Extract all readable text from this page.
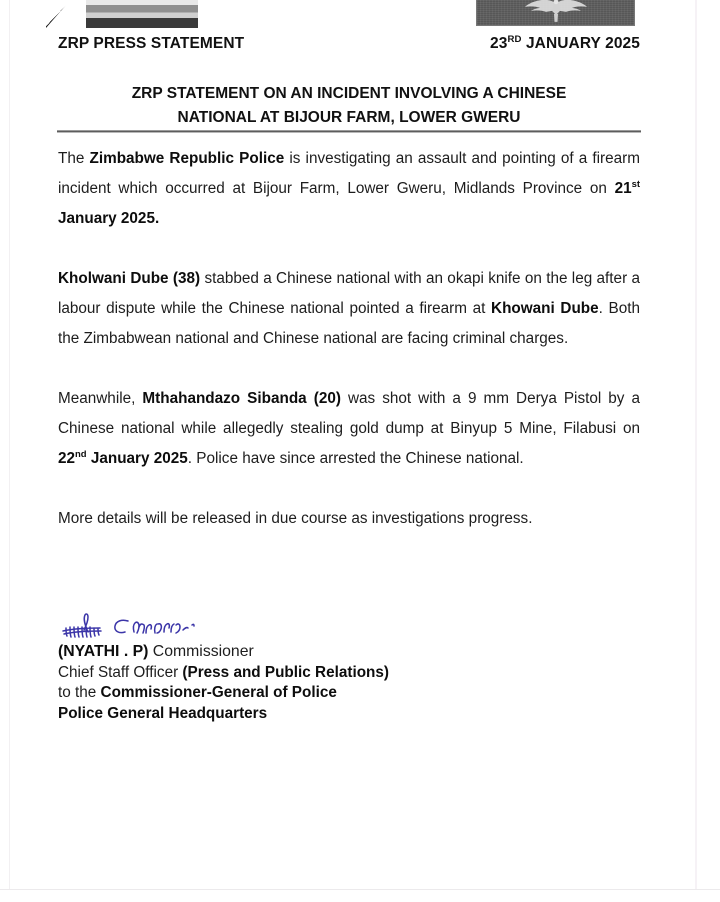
ZRP PRESS STATEMENT	23RD JANUARY 2025
ZRP STATEMENT ON AN INCIDENT INVOLVING A CHINESE
NATIONAL AT BIJOUR FARM, LOWER GWERU

The Zimbabwe Republic Police is investigating an assault and pointing of a firearm incident which occurred at Bijour Farm, Lower Gweru, Midlands Province on 21st January 2025.

Kholwani Dube (38) stabbed a Chinese national with an okapi knife on the leg after a labour dispute while the Chinese national pointed a firearm at Khowani Dube. Both the Zimbabwean national and Chinese national are facing criminal charges.

Meanwhile, Mthahandazo Sibanda (20) was shot with a 9 mm Derya Pistol by a Chinese national while allegedly stealing gold dump at Binyup 5 Mine, Filabusi on 22nd January 2025. Police have since arrested the Chinese national.

More details will be released in due course as investigations progress.

(NYATHI . P) Commissioner
Chief Staff Officer (Press and Public Relations)
to the Commissioner-General of Police
Police General Headquarters
